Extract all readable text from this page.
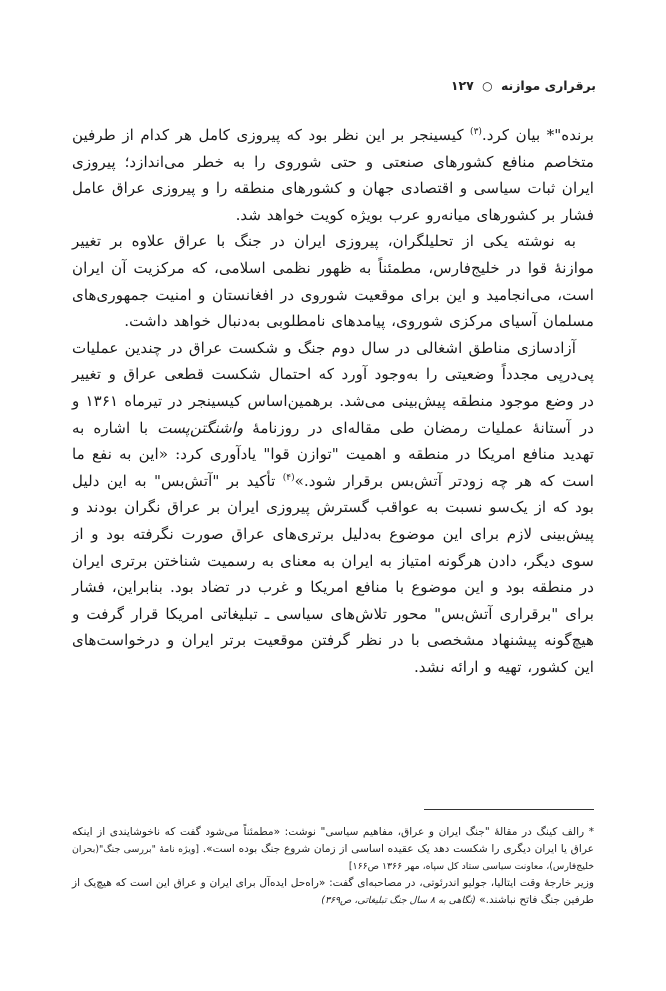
برقراری موازنه ○ ۱۲۷

برنده"* بیان کرد.$^{(۳)}$ کیسینجر بر این نظر بود که پیروزی کامل هر کدام از طرفین متخاصم منافع کشورهای صنعتی و حتی شوروی را به خطر می‌اندازد؛ پیروزی ایران ثبات سیاسی و اقتصادی جهان و کشورهای منطقه را و پیروزی عراق عامل فشار بر کشورهای میانه‌رو عرب بویژه کویت خواهد شد.

به نوشته یکی از تحلیلگران، پیروزی ایران در جنگ با عراق علاوه بر تغییر موازنهٔ قوا در خلیج‌فارس، مطمئناً به ظهور نظمی اسلامی، که مرکزیت آن ایران است، می‌انجامید و این برای موقعیت شوروی در افغانستان و امنیت جمهوری‌های مسلمان آسیای مرکزی شوروی، پیامدهای نامطلوبی به‌دنبال خواهد داشت.

آزادسازی مناطق اشغالی در سال دوم جنگ و شکست عراق در چندین عملیات پی‌درپی مجدداً وضعیتی را به‌وجود آورد که احتمال شکست قطعی عراق و تغییر در وضع موجود منطقه پیش‌بینی می‌شد. برهمین‌اساس کیسینجر در تیرماه ۱۳۶۱ و در آستانهٔ عملیات رمضان طی مقاله‌ای در روزنامهٔ واشنگتن‌پست با اشاره به تهدید منافع امریکا در منطقه و اهمیت "توازن قوا" یادآوری کرد: «این به نفع ما است که هر چه زودتر آتش‌بس برقرار شود.»$^{(۴)}$ تأکید بر "آتش‌بس" به این دلیل بود که از یک‌سو نسبت به عواقب گسترش پیروزی ایران بر عراق نگران بودند و پیش‌بینی لازم برای این موضوع به‌دلیل برتری‌های عراق صورت نگرفته بود و از سوی دیگر، دادن هرگونه امتیاز به ایران به معنای به رسمیت شناختن برتری ایران در منطقه بود و این موضوع با منافع امریکا و غرب در تضاد بود. بنابراین، فشار برای "برقراری آتش‌بس" محور تلاش‌های سیاسی ـ تبلیغاتی امریکا قرار گرفت و هیچ‌گونه پیشنهاد مشخصی با در نظر گرفتن موقعیت برتر ایران و درخواست‌های این کشور، تهیه و ارائه نشد.

* رالف کینگ در مقالهٔ "جنگ ایران و عراق، مفاهیم سیاسی" نوشت: «مطمئناً می‌شود گفت که ناخوشایندی از اینکه عراق یا ایران دیگری را شکست دهد یک عقیده اساسی از زمان شروع جنگ بوده است». [ویژه نامهٔ "بررسی جنگ"(بحران خلیج‌فارس)، معاونت سیاسی ستاد کل سپاه، مهر ۱۳۶۶ ص۱۶۶]

وزیر خارجهٔ وقت ایتالیا، جولیو اندرئوتی، در مصاحبه‌ای گفت: «راه‌حل ایده‌آل برای ایران و عراق این است که هیچ‌یک از طرفین جنگ فاتح نباشند.» (نگاهی به ۸ سال جنگ تبلیغاتی، ص۳۶۹)
